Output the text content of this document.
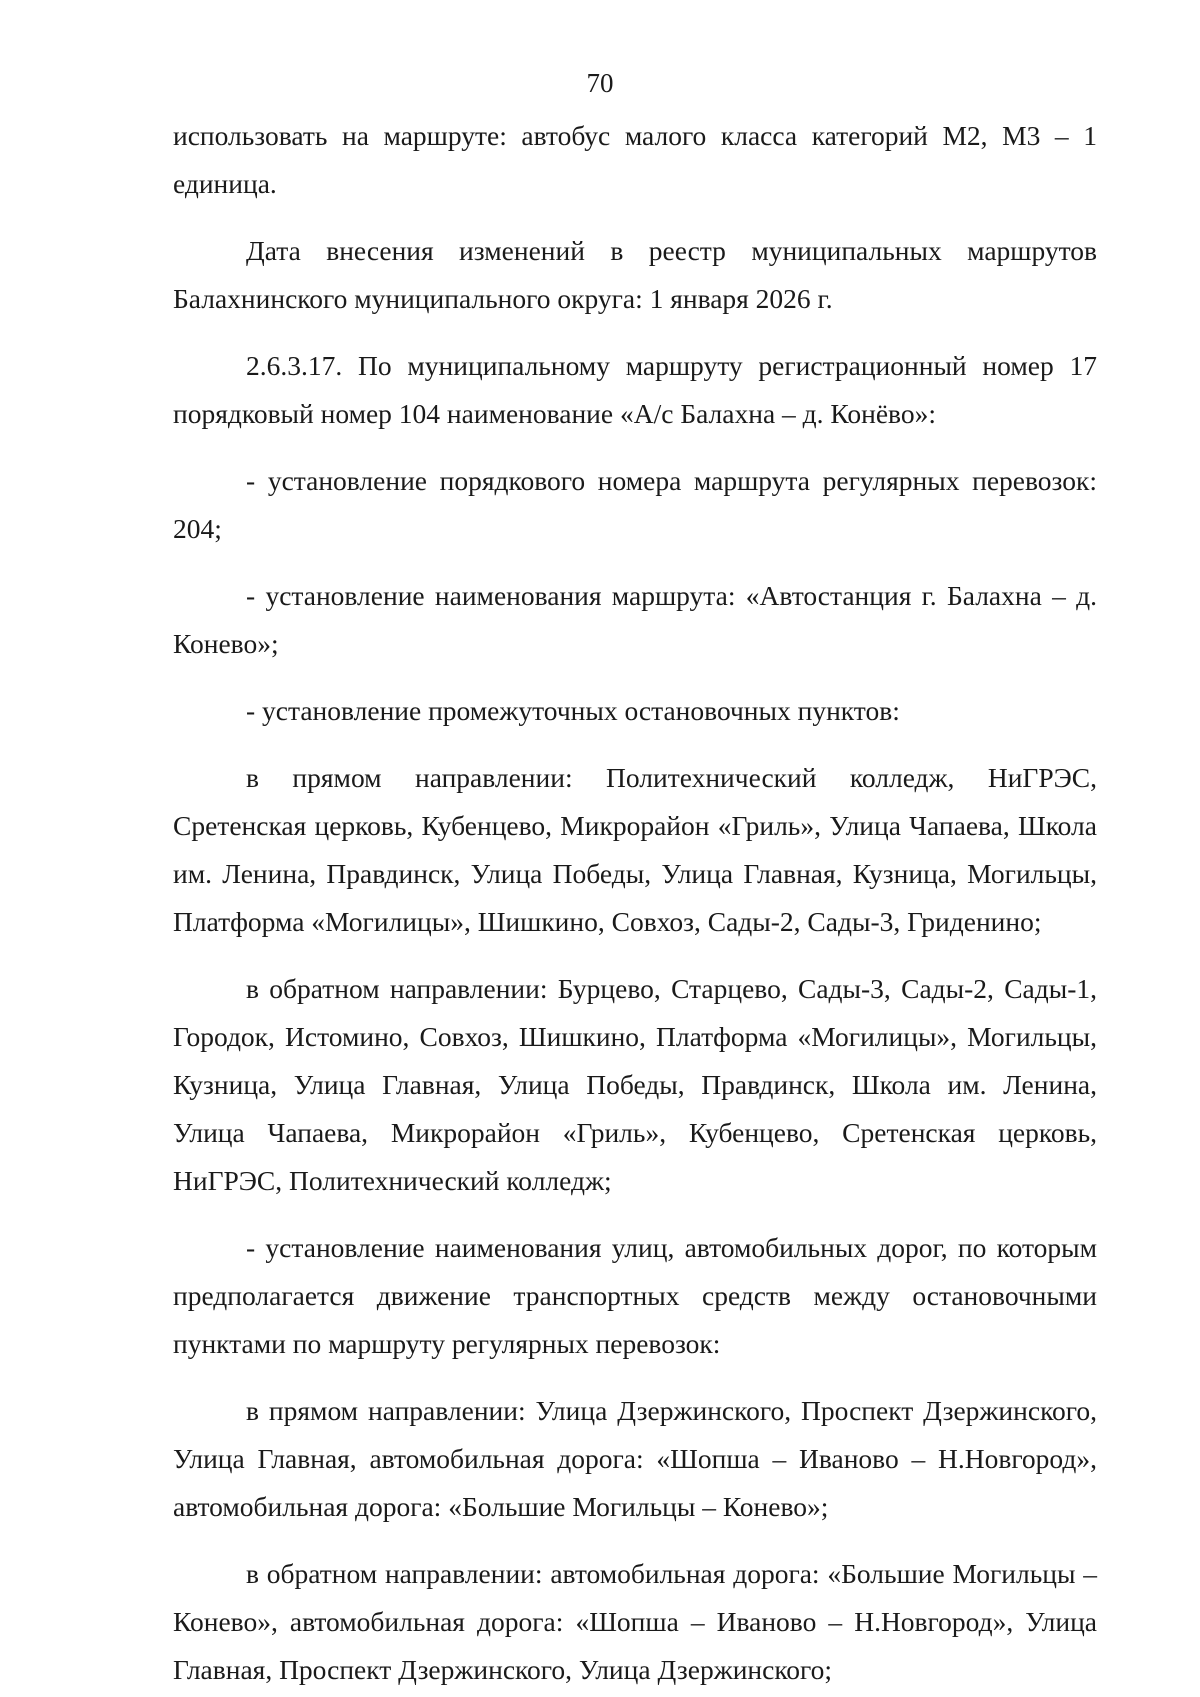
70

использовать на маршруте: автобус малого класса категорий М2, М3 – 1 единица.

Дата внесения изменений в реестр муниципальных маршрутов Балахнинского муниципального округа: 1 января 2026 г.

2.6.3.17. По муниципальному маршруту регистрационный номер 17 порядковый номер 104 наименование «А/с Балахна – д. Конёво»:

- установление порядкового номера маршрута регулярных перевозок: 204;

- установление наименования маршрута: «Автостанция г. Балахна – д. Конево»;

- установление промежуточных остановочных пунктов:

в прямом направлении: Политехнический колледж, НиГРЭС, Сретенская церковь, Кубенцево, Микрорайон «Гриль», Улица Чапаева, Школа им. Ленина, Правдинск, Улица Победы, Улица Главная, Кузница, Могильцы, Платформа «Могилицы», Шишкино, Совхоз, Сады-2, Сады-3, Гриденино;

в обратном направлении: Бурцево, Старцево, Сады-3, Сады-2, Сады-1, Городок, Истомино, Совхоз, Шишкино, Платформа «Могилицы», Могильцы, Кузница, Улица Главная, Улица Победы, Правдинск, Школа им. Ленина, Улица Чапаева, Микрорайон «Гриль», Кубенцево, Сретенская церковь, НиГРЭС, Политехнический колледж;

- установление наименования улиц, автомобильных дорог, по которым предполагается движение транспортных средств между остановочными пунктами по маршруту регулярных перевозок:

в прямом направлении: Улица Дзержинского, Проспект Дзержинского, Улица Главная, автомобильная дорога: «Шопша – Иваново – Н.Новгород», автомобильная дорога: «Большие Могильцы – Конево»;

в обратном направлении: автомобильная дорога: «Большие Могильцы – Конево», автомобильная дорога: «Шопша – Иваново – Н.Новгород», Улица Главная, Проспект Дзержинского, Улица Дзержинского;
